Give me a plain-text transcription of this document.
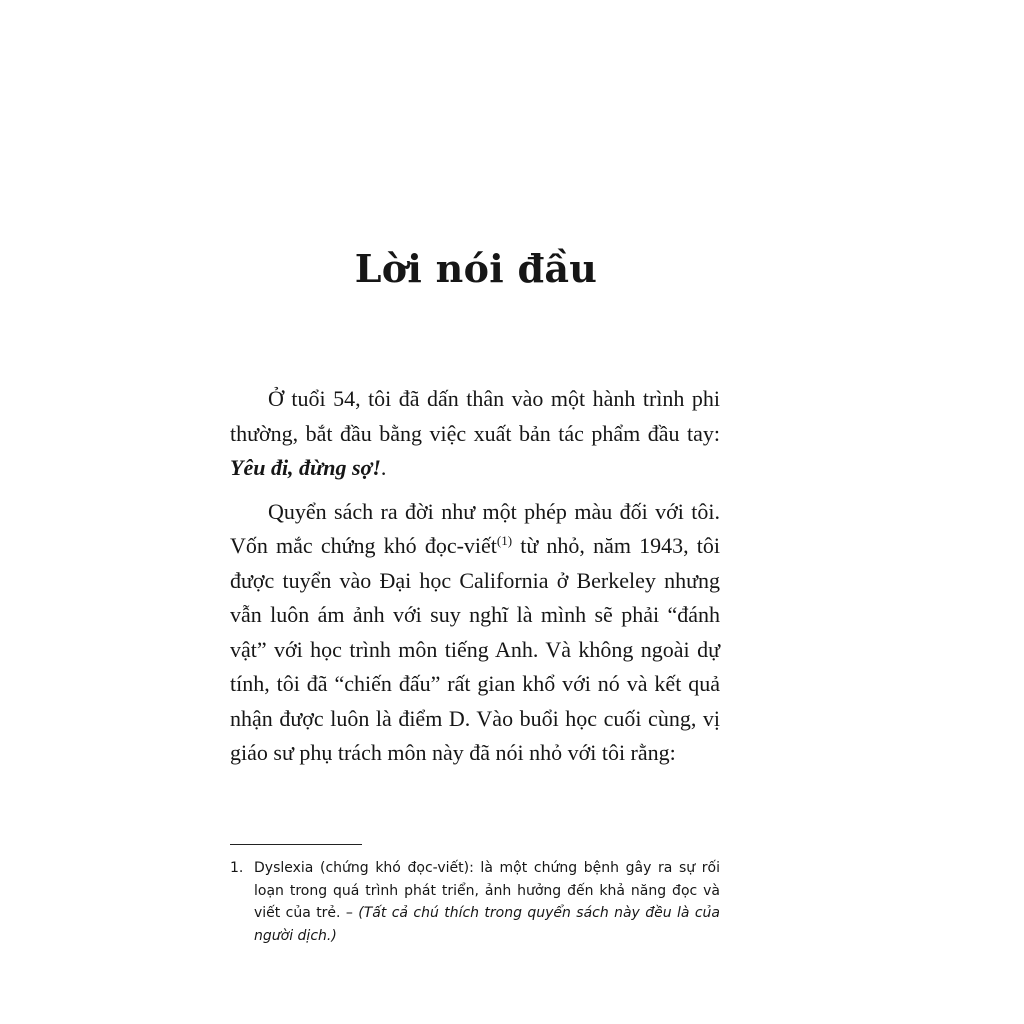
Lời nói đầu

Ở tuổi 54, tôi đã dấn thân vào một hành trình phi thường, bắt đầu bằng việc xuất bản tác phẩm đầu tay: Yêu đi, đừng sợ!.

Quyển sách ra đời như một phép màu đối với tôi. Vốn mắc chứng khó đọc-viết$^{(1)}$ từ nhỏ, năm 1943, tôi được tuyển vào Đại học California ở Berkeley nhưng vẫn luôn ám ảnh với suy nghĩ là mình sẽ phải “đánh vật” với học trình môn tiếng Anh. Và không ngoài dự tính, tôi đã “chiến đấu” rất gian khổ với nó và kết quả nhận được luôn là điểm D. Vào buổi học cuối cùng, vị giáo sư phụ trách môn này đã nói nhỏ với tôi rằng:

1. Dyslexia (chứng khó đọc-viết): là một chứng bệnh gây ra sự rối loạn trong quá trình phát triển, ảnh hưởng đến khả năng đọc và viết của trẻ. – (Tất cả chú thích trong quyển sách này đều là của người dịch.)
